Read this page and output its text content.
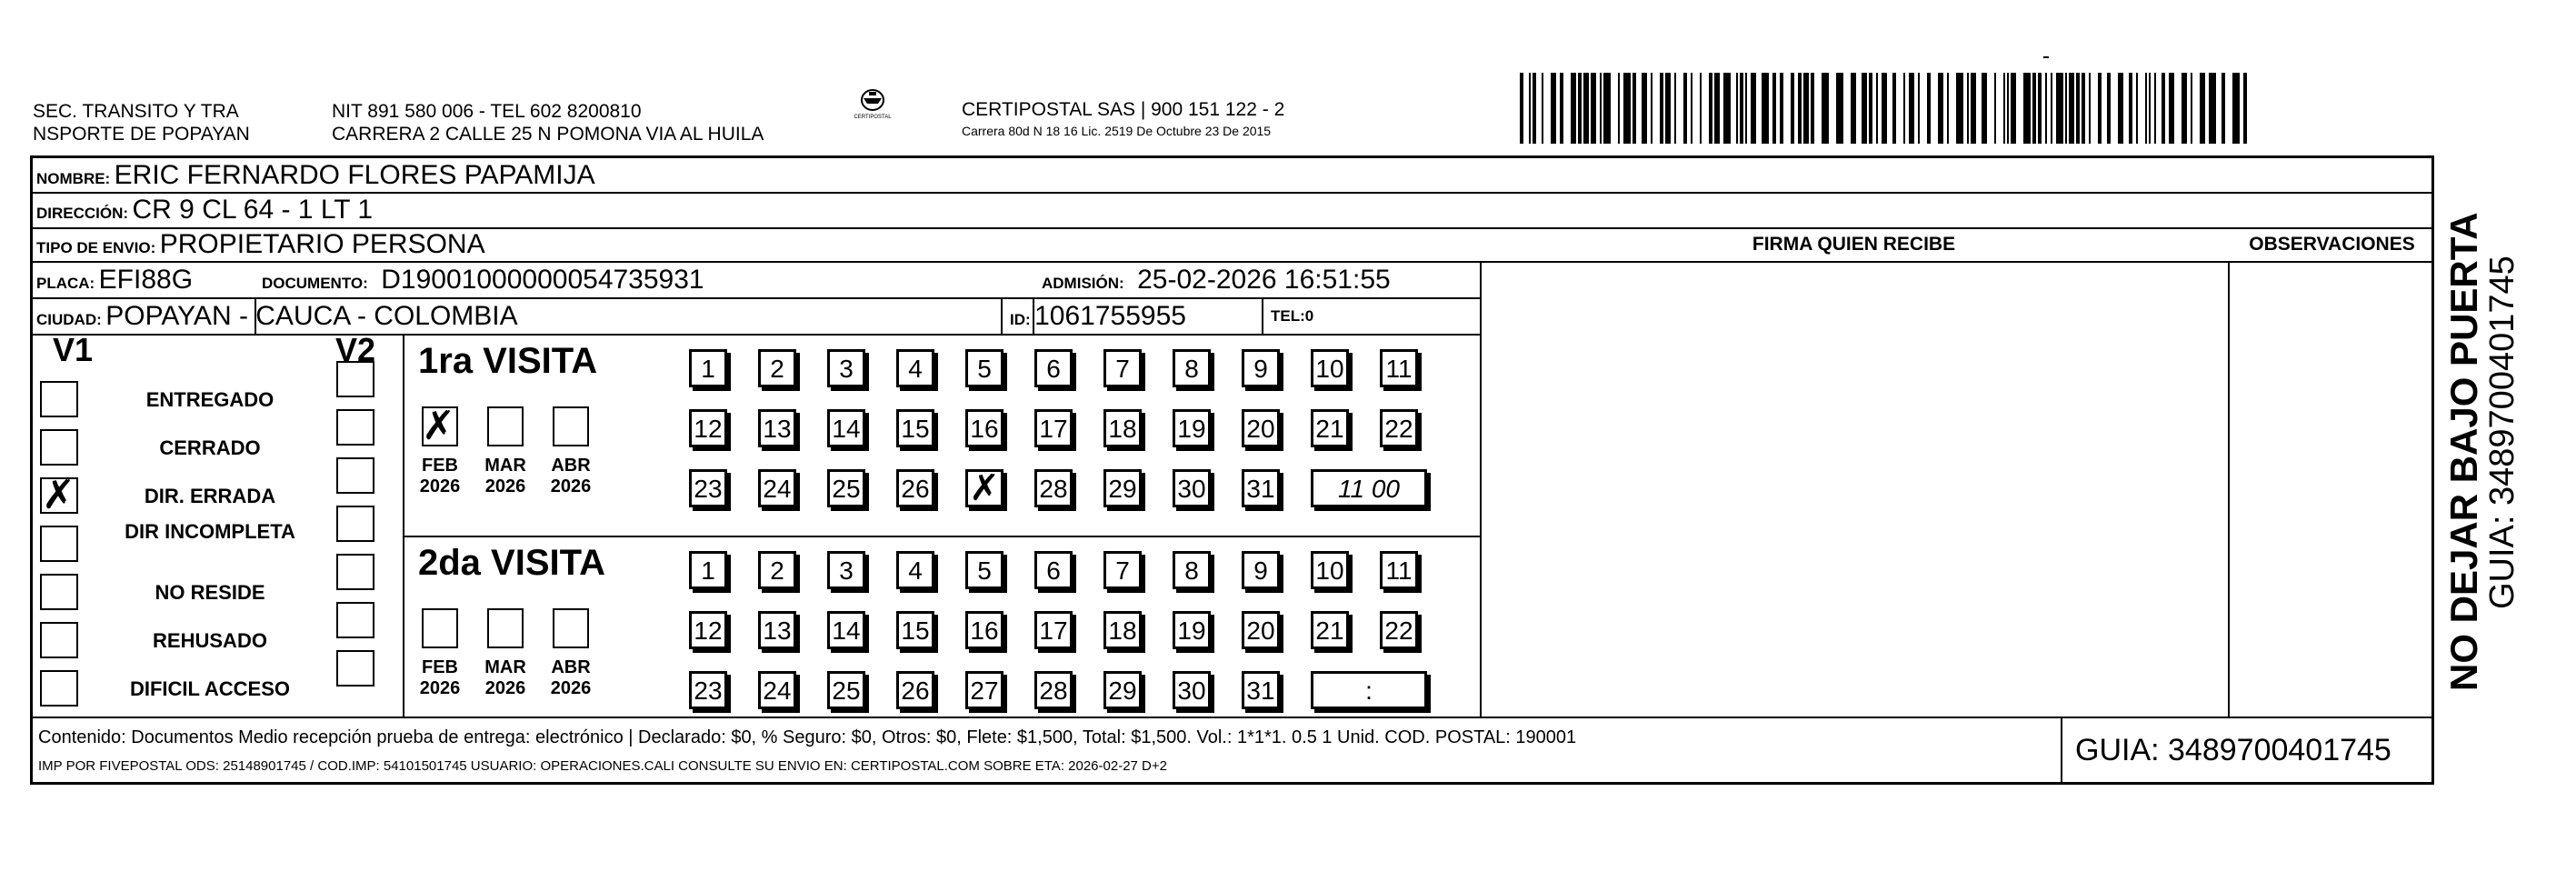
SEC. TRANSITO Y TRA
NSPORTE DE POPAYAN
NIT 891 580 006 - TEL 602 8200810
CARRERA 2 CALLE 25 N POMONA VIA AL HUILA
CERTIPOSTAL	CERTIPOSTAL SAS | 900 151 122 - 2
Carrera 80d N 18 16 Lic. 2519 De Octubre 23 De 2015
NOMBRE: ERIC FERNARDO FLORES PAPAMIJA
DIRECCIÓN: CR 9 CL 64 - 1 LT 1
TIPO DE ENVIO: PROPIETARIO PERSONA	FIRMA QUIEN RECIBE	OBSERVACIONES
PLACA: EFI88G	DOCUMENTO: D19001000000054735931	ADMISIÓN: 25-02-2026 16:51:55
CIUDAD: POPAYAN - CAUCA - COLOMBIA	ID: 1061755955	TEL:0
V1	V2
ENTREGADO
CERRADO
✗	DIR. ERRADA
DIR INCOMPLETA
NO RESIDE
REHUSADO
DIFICIL ACCESO
1ra VISITA
✗
FEB
2026
MAR
2026
ABR
2026
1	2	3	4	5	6	7	8	9	10 11
12 13 14 15 16 17 18 19 20 21 22
23 24 25 26 ✗ 28 29 30 31	11 00
2da VISITA
FEB
2026
MAR
2026
ABR
2026
1	2	3	4	5	6	7	8	9	10 11
12 13 14 15 16 17 18 19 20 21 22
23 24 25 26 27 28 29 30 31	:
Contenido: Documentos Medio recepción prueba de entrega: electrónico | Declarado: $0, % Seguro: $0, Otros: $0, Flete: $1,500, Total: $1,500. Vol.: 1*1*1. 0.5 1 Unid. COD. POSTAL: 190001
IMP POR FIVEPOSTAL ODS: 25148901745 / COD.IMP: 54101501745 USUARIO: OPERACIONES.CALI CONSULTE SU ENVIO EN: CERTIPOSTAL.COM SOBRE ETA: 2026-02-27 D+2	GUIA: 3489700401745
NO DEJAR BAJO PUERTA
GUIA: 3489700401745
